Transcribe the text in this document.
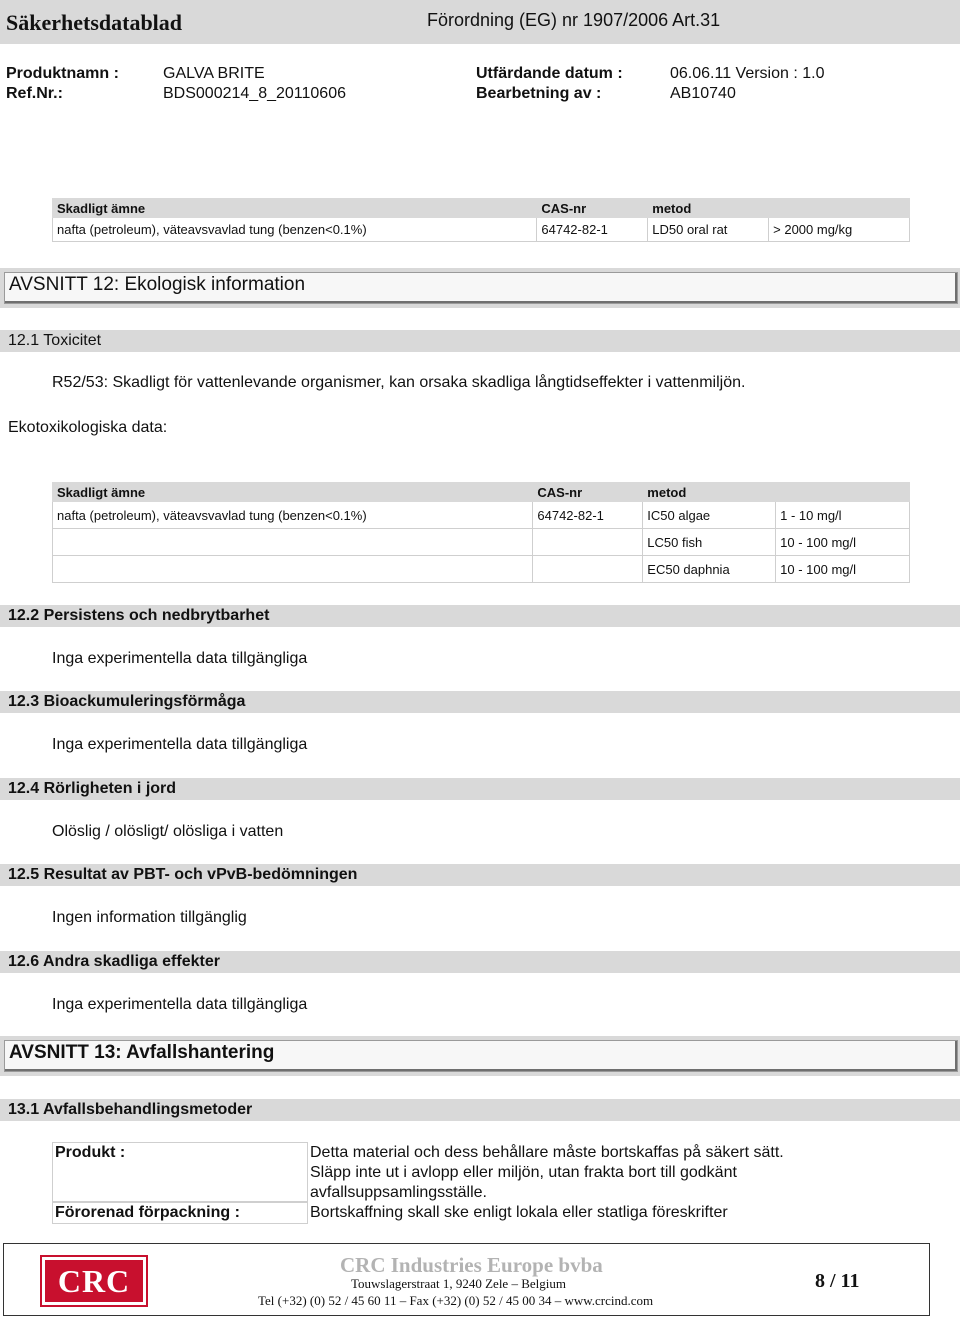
Säkerhetsdatablad	Förordning (EG) nr 1907/2006 Art.31
Produktnamn :	GALVA BRITE	Utfärdande datum :	06.06.11 Version : 1.0
Ref.Nr.:	BDS000214_8_20110606	Bearbetning av :	AB10740
Skadligt ämne	CAS-nr	metod	
nafta (petroleum), väteavsvavlad tung (benzen<0.1%)	64742-82-1	LD50 oral rat	> 2000 mg/kg
AVSNITT 12: Ekologisk information
12.1 Toxicitet
R52/53: Skadligt för vattenlevande organismer, kan orsaka skadliga långtidseffekter i vattenmiljön.
Ekotoxikologiska data:
Skadligt ämne	CAS-nr	metod	
nafta (petroleum), väteavsvavlad tung (benzen<0.1%)	64742-82-1	IC50 algae	1 - 10 mg/l
		LC50 fish	10 - 100 mg/l
		EC50 daphnia	10 - 100 mg/l
12.2 Persistens och nedbrytbarhet
Inga experimentella data tillgängliga
12.3 Bioackumuleringsförmåga
Inga experimentella data tillgängliga
12.4 Rörligheten i jord
Olöslig / olösligt/ olösliga i vatten
12.5 Resultat av PBT- och vPvB-bedömningen
Ingen information tillgänglig
12.6 Andra skadliga effekter
Inga experimentella data tillgängliga
AVSNITT 13: Avfallshantering
13.1 Avfallsbehandlingsmetoder
Produkt :	Detta material och dess behållare måste bortskaffas på säkert sätt.
Släpp inte ut i avlopp eller miljön, utan frakta bort till godkänt
avfallsuppsamlingsställe.
Förorenad förpackning :	Bortskaffning skall ske enligt lokala eller statliga föreskrifter
CRC	CRC Industries Europe bvba
Touwslagerstraat 1, 9240 Zele – Belgium
Tel (+32) (0) 52 / 45 60 11 – Fax (+32) (0) 52 / 45 00 34 – www.crcind.com
8 / 11
